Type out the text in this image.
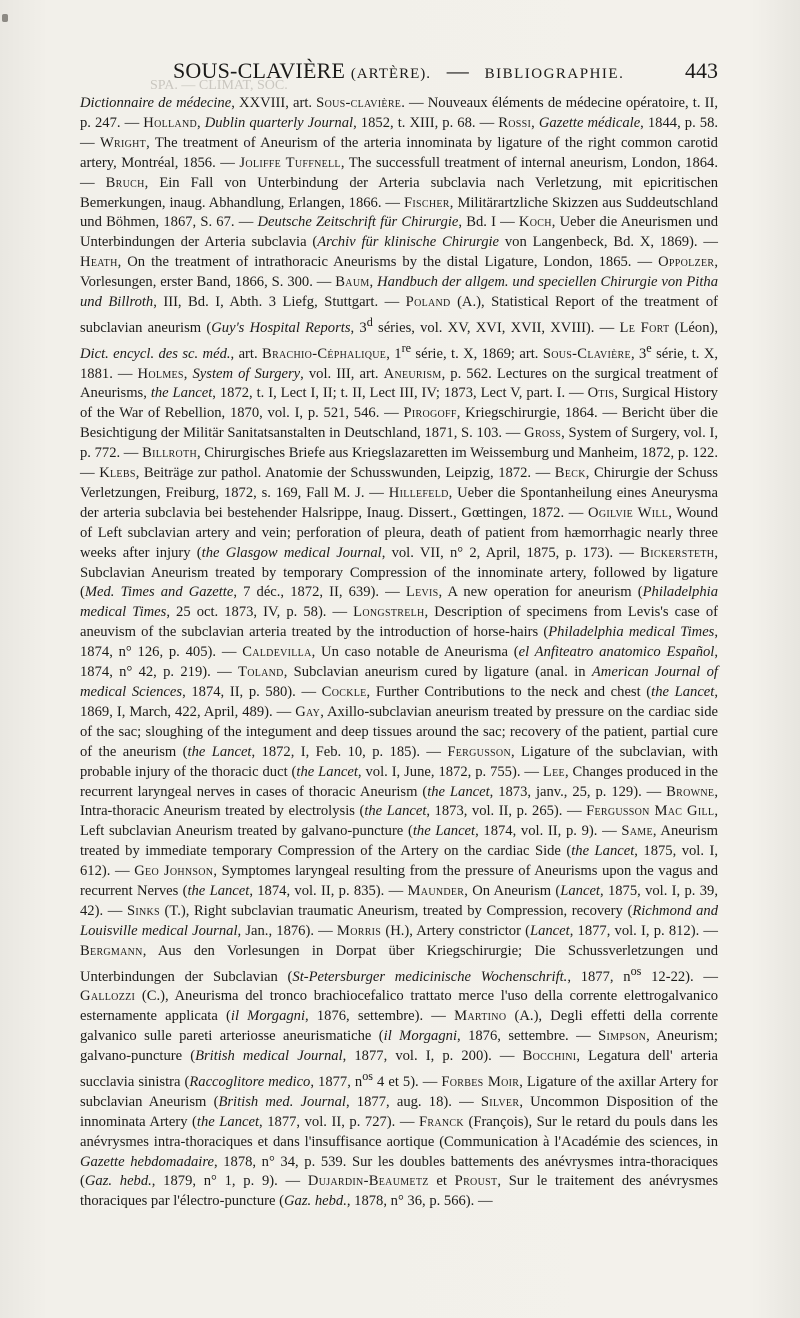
SPA. — CLIMAT, SOC.
SOUS-CLAVIÈRE (ARTÈRE). — BIBLIOGRAPHIE.	443
Dictionnaire de médecine, XXVIII, art. Sous-clavière. — Nouveaux éléments de médecine opératoire, t. II, p. 247. — Holland, Dublin quarterly Journal, 1852, t. XIII, p. 68. — Rossi, Gazette médicale, 1844, p. 58. — Wright, The treatment of Aneurism of the arteria innominata by ligature of the right common carotid artery, Montréal, 1856. — Joliffe Tuffnell, The successfull treatment of internal aneurism, London, 1864. — Bruch, Ein Fall von Unterbindung der Arteria subclavia nach Verletzung, mit epicritischen Bemerkungen, inaug. Abhandlung, Erlangen, 1866. — Fischer, Militärartzliche Skizzen aus Suddeutschland und Böhmen, 1867, S. 67. — Deutsche Zeitschrift für Chirurgie, Bd. I — Koch, Ueber die Aneurismen und Unterbindungen der Arteria subclavia (Archiv für klinische Chirurgie von Langenbeck, Bd. X, 1869). — Heath, On the treatment of intrathoracic Aneurisms by the distal Ligature, London, 1865. — Oppolzer, Vorlesungen, erster Band, 1866, S. 300. — Baum, Handbuch der allgem. und speciellen Chirurgie von Pitha und Billroth, III, Bd. I, Abth. 3 Liefg, Stuttgart. — Poland (A.), Statistical Report of the treatment of subclavian aneurism (Guy's Hospital Reports, 3$^d$ séries, vol. XV, XVI, XVII, XVIII). — Le Fort (Léon), Dict. encycl. des sc. méd., art. Brachio-Céphalique, 1re série, t. X, 1869; art. Sous-Clavière, 3e série, t. X, 1881. — Holmes, System of Surgery, vol. III, art. Aneurism, p. 562. Lectures on the surgical treatment of Aneurisms, the Lancet, 1872, t. I, Lect I, II; t. II, Lect III, IV; 1873, Lect V, part. I. — Otis, Surgical History of the War of Rebellion, 1870, vol. I, p. 521, 546. — Pirogoff, Kriegschirurgie, 1864. — Bericht über die Besichtigung der Militär Sanitatsanstalten in Deutschland, 1871, S. 103. — Gross, System of Surgery, vol. I, p. 772. — Billroth, Chirurgisches Briefe aus Kriegslazaretten im Weissemburg und Manheim, 1872, p. 122. — Klebs, Beiträge zur pathol. Anatomie der Schusswunden, Leipzig, 1872. — Beck, Chirurgie der Schuss Verletzungen, Freiburg, 1872, s. 169, Fall M. J. — Hillefeld, Ueber die Spontanheilung eines Aneurysma der arteria subclavia bei bestehender Halsrippe, Inaug. Dissert., Gœttingen, 1872. — Ogilvie Will, Wound of Left subclavian artery and vein; perforation of pleura, death of patient from hæmorrhagic nearly three weeks after injury (the Glasgow medical Journal, vol. VII, n° 2, April, 1875, p. 173). — Bickersteth, Subclavian Aneurism treated by temporary Compression of the innominate artery, followed by ligature (Med. Times and Gazette, 7 déc., 1872, II, 639). — Levis, A new operation for aneurism (Philadelphia medical Times, 25 oct. 1873, IV, p. 58). — Longstrelh, Description of specimens from Levis's case of aneuvism of the subclavian arteria treated by the introduction of horse-hairs (Philadelphia medical Times, 1874, n° 126, p. 405). — Caldevilla, Un caso notable de Aneurisma (el Anfiteatro anatomico Español, 1874, n° 42, p. 219). — Toland, Subclavian aneurism cured by ligature (anal. in American Journal of medical Sciences, 1874, II, p. 580). — Cockle, Further Contributions to the neck and chest (the Lancet, 1869, I, March, 422, April, 489). — Gay, Axillo-subclavian aneurism treated by pressure on the cardiac side of the sac; sloughing of the integument and deep tissues around the sac; recovery of the patient, partial cure of the aneurism (the Lancet, 1872, I, Feb. 10, p. 185). — Fergusson, Ligature of the subclavian, with probable injury of the thoracic duct (the Lancet, vol. I, June, 1872, p. 755). — Lee, Changes produced in the recurrent laryngeal nerves in cases of thoracic Aneurism (the Lancet, 1873, janv., 25, p. 129). — Browne, Intra-thoracic Aneurism treated by electrolysis (the Lancet, 1873, vol. II, p. 265). — Fergusson Mac Gill, Left subclavian Aneurism treated by galvano-puncture (the Lancet, 1874, vol. II, p. 9). — Same, Aneurism treated by immediate temporary Compression of the Artery on the cardiac Side (the Lancet, 1875, vol. I, 612). — Geo Johnson, Symptomes laryngeal resulting from the pressure of Aneurisms upon the vagus and recurrent Nerves (the Lancet, 1874, vol. II, p. 835). — Maunder, On Aneurism (Lancet, 1875, vol. I, p. 39, 42). — Sinks (T.), Right subclavian traumatic Aneurism, treated by Compression, recovery (Richmond and Louisville medical Journal, Jan., 1876). — Morris (H.), Artery constrictor (Lancet, 1877, vol. I, p. 812). — Bergmann, Aus den Vorlesungen in Dorpat über Kriegschirurgie; Die Schussverletzungen und Unterbindungen der Subclavian (St-Petersburger medicinische Wochenschrift., 1877, $n^{os}$ 12-22). — Gallozzi (C.), Aneurisma del tronco brachiocefalico trattato merce l'uso della corrente elettrogalvanico esternamente applicata (il Morgagni, 1876, settembre). — Martino (A.), Degli effetti della corrente galvanico sulle pareti arteriosse aneurismatiche (il Morgagni, 1876, settembre. — Simpson, Aneurism; galvano-puncture (British medical Journal, 1877, vol. I, p. 200). — Bocchini, Legatura dell' arteria succlavia sinistra (Raccoglitore medico, 1877, $n^{os}$ 4 et 5). — Forbes Moir, Ligature of the axillar Artery for subclavian Aneurism (British med. Journal, 1877, aug. 18). — Silver, Uncommon Disposition of the innominata Artery (the Lancet, 1877, vol. II, p. 727). — Franck (François), Sur le retard du pouls dans les anévrysmes intra-thoraciques et dans l'insuffisance aortique (Communication à l'Académie des sciences, in Gazette hebdomadaire, 1878, n° 34, p. 539. Sur les doubles battements des anévrysmes intra-thoraciques (Gaz. hebd., 1879, n° 1, p. 9). — Dujardin-Beaumetz et Proust, Sur le traitement des anévrysmes thoraciques par l'électro-puncture (Gaz. hebd., 1878, n° 36, p. 566). —
